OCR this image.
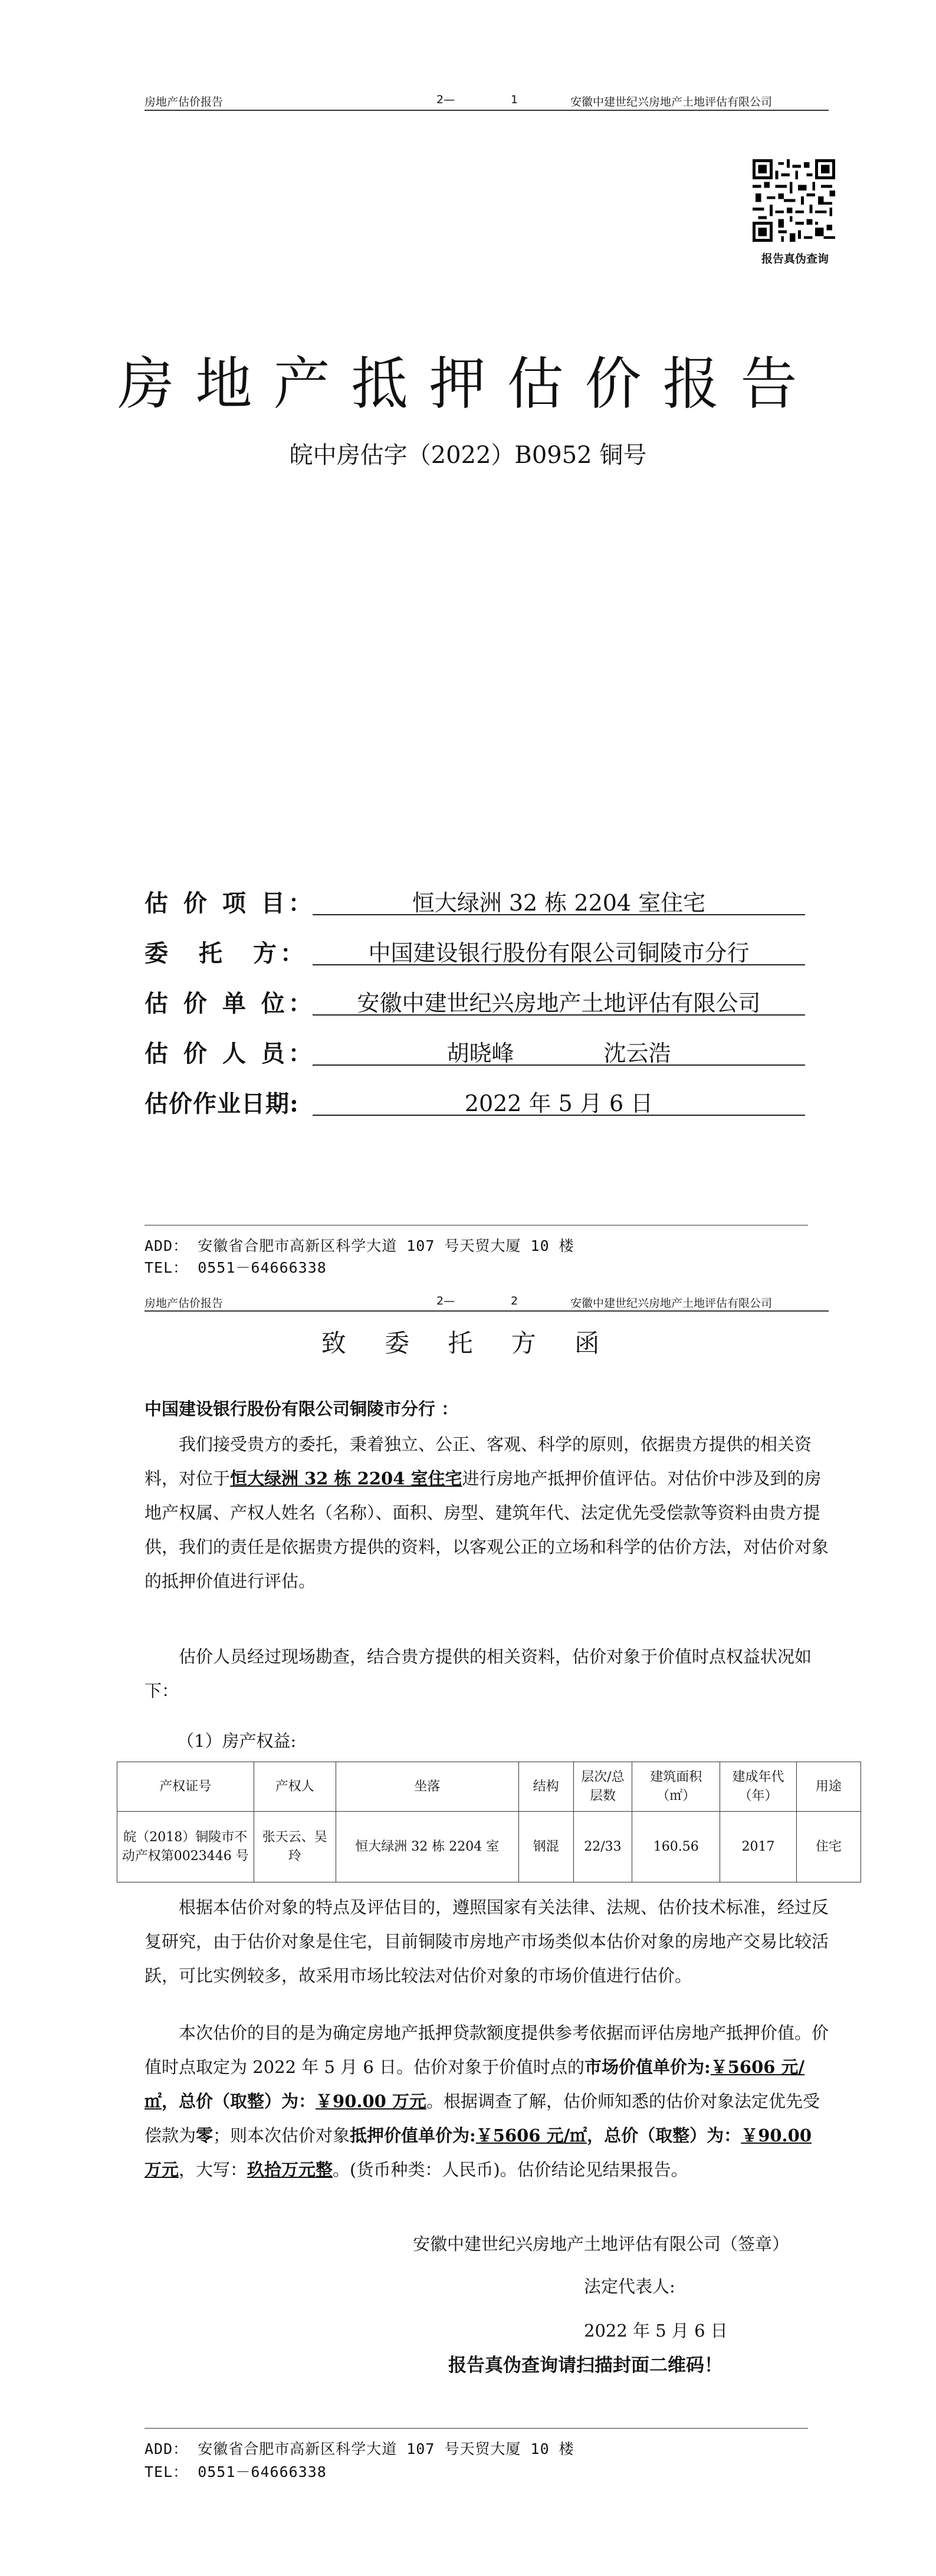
房地产估价报告	2—	1	安徽中建世纪兴房地产土地评估有限公司
报告真伪查询
房地产抵押估价报告
皖中房估字（2022）B0952 铜号
估 价 项 目：	恒大绿洲 32 栋 2204 室住宅
委　托　方：	中国建设银行股份有限公司铜陵市分行
估 价 单 位：	安徽中建世纪兴房地产土地评估有限公司
估 价 人 员：	胡晓峰　　　　沈云浩
估价作业日期:	2022 年 5 月 6 日
ADD： 安徽省合肥市高新区科学大道 107 号天贸大厦 10 楼
TEL： 0551－64666338
房地产估价报告	2—	2	安徽中建世纪兴房地产土地评估有限公司
致 委 托 方 函
中国建设银行股份有限公司铜陵市分行 ：
我们接受贵方的委托，秉着独立、公正、客观、科学的原则，依据贵方提供的相关资料，对位于恒大绿洲 32 栋 2204 室住宅进行房地产抵押价值评估。对估价中涉及到的房地产权属、产权人姓名（名称）、面积、房型、建筑年代、法定优先受偿款等资料由贵方提供，我们的责任是依据贵方提供的资料，以客观公正的立场和科学的估价方法，对估价对象的抵押价值进行评估。
估价人员经过现场勘查，结合贵方提供的相关资料，估价对象于价值时点权益状况如下：
（1）房产权益:
产权证号	产权人	坐落	结构	层次/总层数	建筑面积（㎡）	建成年代（年）	用途
皖（2018）铜陵市不动产权第0023446 号	张天云、吴玲	恒大绿洲 32 栋 2204 室	钢混	22/33	160.56	2017	住宅
根据本估价对象的特点及评估目的，遵照国家有关法律、法规、估价技术标准，经过反复研究，由于估价对象是住宅，目前铜陵市房地产市场类似本估价对象的房地产交易比较活跃，可比实例较多，故采用市场比较法对估价对象的市场价值进行估价。
本次估价的目的是为确定房地产抵押贷款额度提供参考依据而评估房地产抵押价值。价值时点取定为 2022 年 5 月 6 日。估价对象于价值时点的市场价值单价为:￥5606 元/㎡，总价（取整）为：￥90.00 万元。根据调查了解，估价师知悉的估价对象法定优先受偿款为零；则本次估价对象抵押价值单价为:￥5606 元/㎡，总价（取整）为：￥90.00 万元，大写：玖拾万元整。(货币种类：人民币)。估价结论见结果报告。
安徽中建世纪兴房地产土地评估有限公司（签章）
法定代表人:
2022 年 5 月 6 日
报告真伪查询请扫描封面二维码！
ADD： 安徽省合肥市高新区科学大道 107 号天贸大厦 10 楼
TEL： 0551－64666338
